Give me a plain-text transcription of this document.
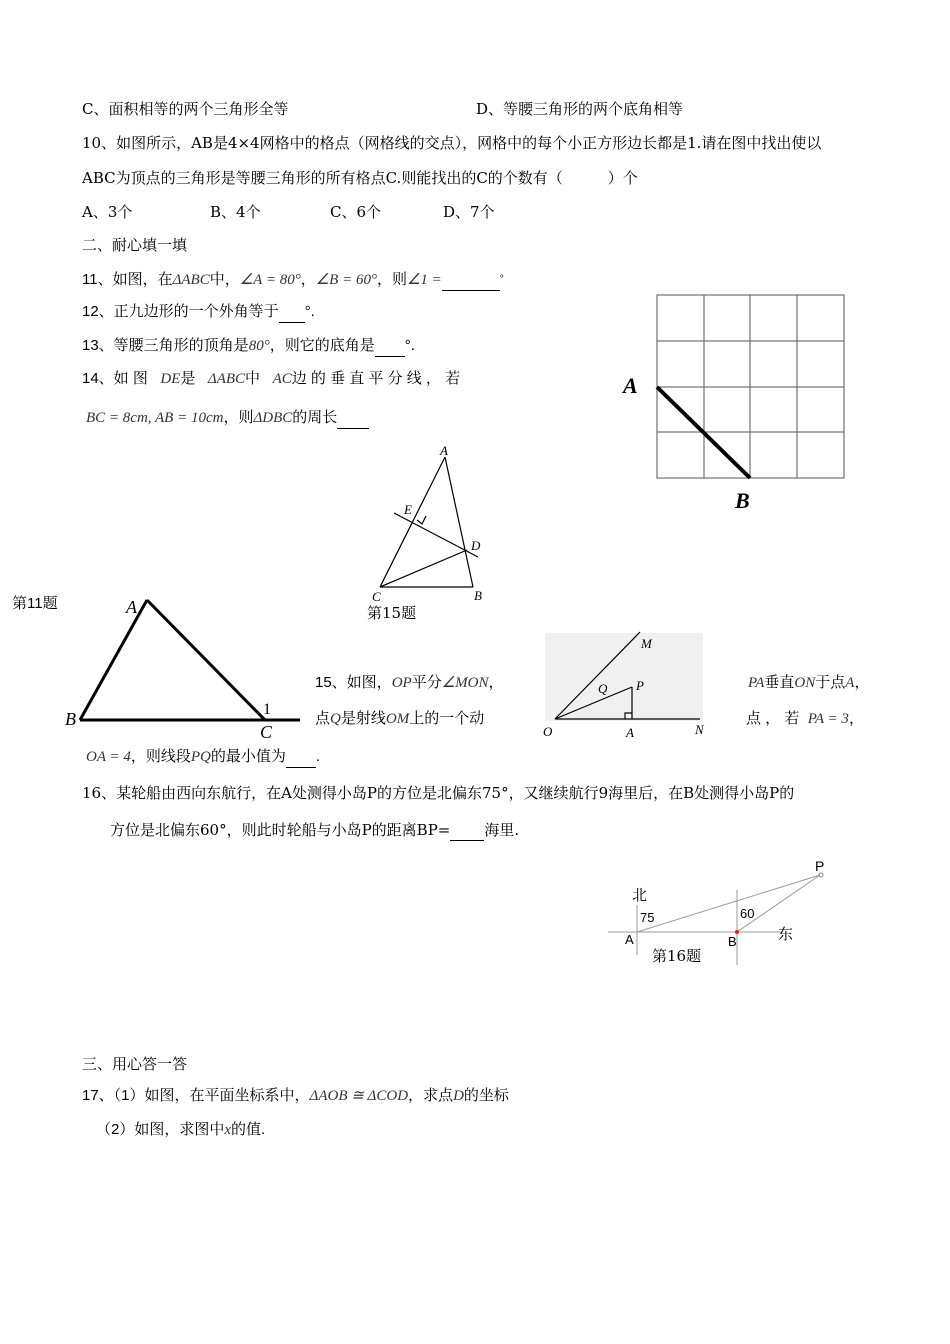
C、面积相等的两个三角形全等	D、等腰三角形的两个底角相等
10、如图所示，AB是4×4网格中的格点（网格线的交点），网格中的每个小正方形边长都是1.请在图中找出使以
ABC为顶点的三角形是等腰三角形的所有格点C.则能找出的C的个数有（　　　）个
A、3个	B、4个	C、6个	D、7个
二、耐心填一填
A
B
11、如图，在ΔABC中，∠A = 80°，∠B = 60°，则∠1 =	°
12、正九边形的一个外角等于 °.
13、等腰三角形的顶角是80°，则它的底角是 °.
14、如 图 DE是 ΔABC中 AC边 的 垂 直 平 分 线 ， 若
BC = 8cm, AB = 10cm，则ΔDBC的周长
A
E
D
C	B
第15题
第11题	A
B
C
1
15、如图，OP平分∠MON，	PA垂直ON于点A，
点Q是射线OM上的一个动	点 ， 若 PA = 3，
OA = 4，则线段PQ的最小值为 .
M
Q P
O	A	N
16、某轮船由西向东航行，在A处测得小岛P的方位是北偏东75°，又继续航行9海里后，在B处测得小岛P的
方位是北偏东60°，则此时轮船与小岛P的距离BP= 海里.
北
东
P
A	B
75	60
第16题
三、用心答一答
17、（1）如图，在平面坐标系中，ΔAOB ≅ ΔCOD，求点D的坐标
（2）如图，求图中x的值.
